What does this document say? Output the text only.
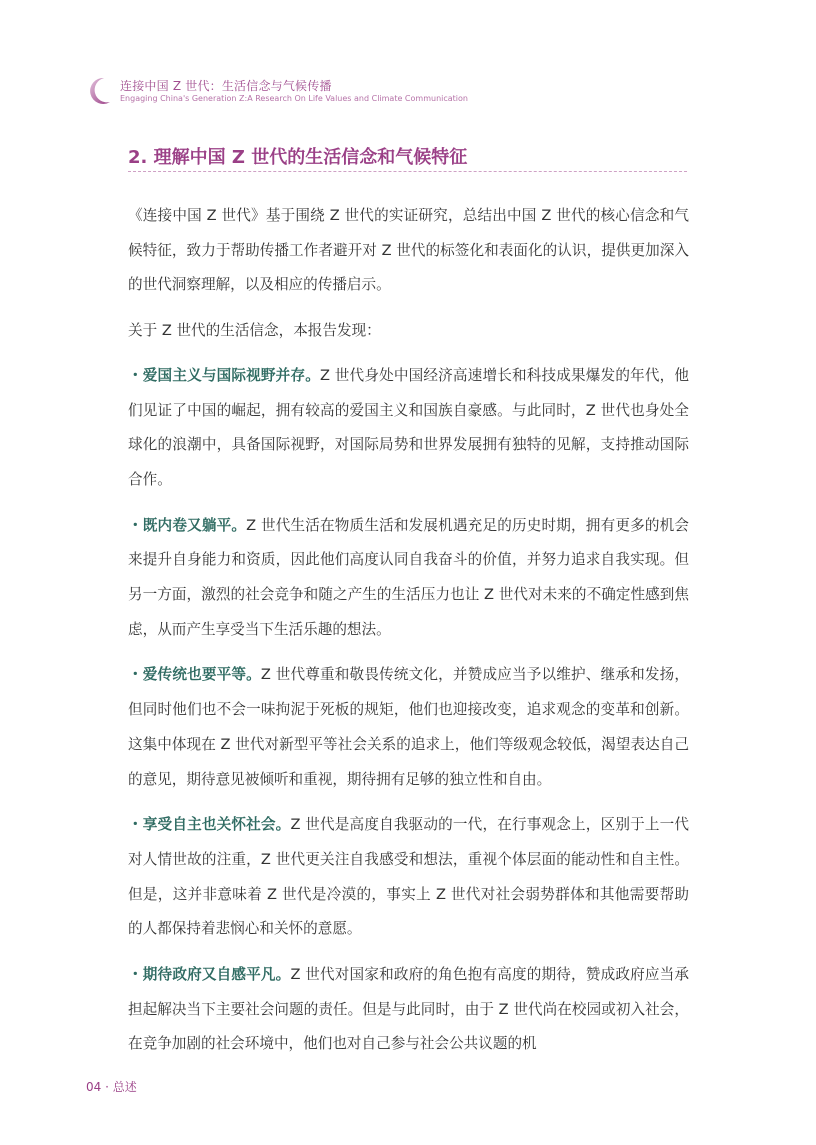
连接中国 Z 世代：生活信念与气候传播
Engaging China's Generation Z:A Research On Life Values and Climate Communication
2. 理解中国 Z 世代的生活信念和气候特征

《连接中国 Z 世代》基于围绕 Z 世代的实证研究，总结出中国 Z 世代的核心信念和气候特征，致力于帮助传播工作者避开对 Z 世代的标签化和表面化的认识，提供更加深入的世代洞察理解，以及相应的传播启示。

关于 Z 世代的生活信念，本报告发现：

・爱国主义与国际视野并存。Z 世代身处中国经济高速增长和科技成果爆发的年代，他们见证了中国的崛起，拥有较高的爱国主义和国族自豪感。与此同时，Z 世代也身处全球化的浪潮中，具备国际视野，对国际局势和世界发展拥有独特的见解，支持推动国际合作。

・既内卷又躺平。Z 世代生活在物质生活和发展机遇充足的历史时期，拥有更多的机会来提升自身能力和资质，因此他们高度认同自我奋斗的价值，并努力追求自我实现。但另一方面，激烈的社会竞争和随之产生的生活压力也让 Z 世代对未来的不确定性感到焦虑，从而产生享受当下生活乐趣的想法。

・爱传统也要平等。Z 世代尊重和敬畏传统文化，并赞成应当予以维护、继承和发扬，但同时他们也不会一味拘泥于死板的规矩，他们也迎接改变，追求观念的变革和创新。这集中体现在 Z 世代对新型平等社会关系的追求上，他们等级观念较低，渴望表达自己的意见，期待意见被倾听和重视，期待拥有足够的独立性和自由。

・享受自主也关怀社会。Z 世代是高度自我驱动的一代，在行事观念上，区别于上一代对人情世故的注重，Z 世代更关注自我感受和想法，重视个体层面的能动性和自主性。但是，这并非意味着 Z 世代是冷漠的，事实上 Z 世代对社会弱势群体和其他需要帮助的人都保持着悲悯心和关怀的意愿。

・期待政府又自感平凡。Z 世代对国家和政府的角色抱有高度的期待，赞成政府应当承担起解决当下主要社会问题的责任。但是与此同时，由于 Z 世代尚在校园或初入社会，在竞争加剧的社会环境中，他们也对自己参与社会公共议题的机

04 · 总述
